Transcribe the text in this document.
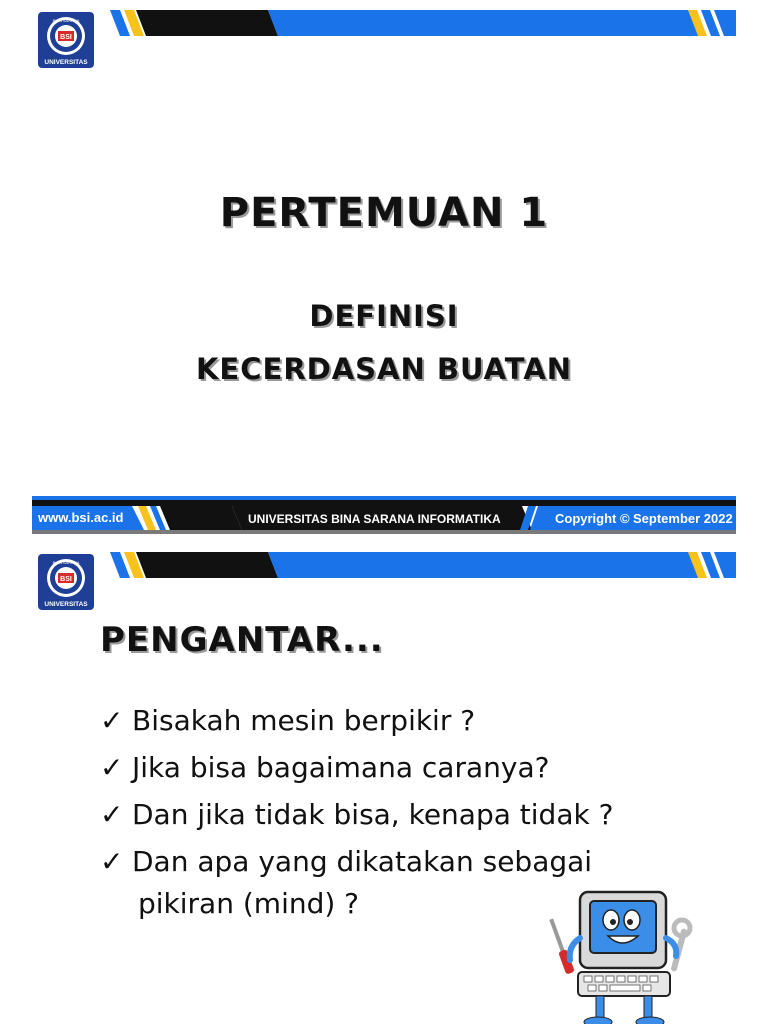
BSI
BINA SARANA
UNIVERSITAS
PERTEMUAN 1
DEFINISI
KECERDASAN BUATAN
www.bsi.ac.id	UNIVERSITAS BINA SARANA INFORMATIKA	Copyright © September 2022
BSI
BINA SARANA
UNIVERSITAS
PENGANTAR...
✓ Bisakah mesin berpikir ?
✓ Jika bisa bagaimana caranya?
✓ Dan jika tidak bisa, kenapa tidak ?
✓ Dan apa yang dikatakan sebagai
pikiran (mind) ?
